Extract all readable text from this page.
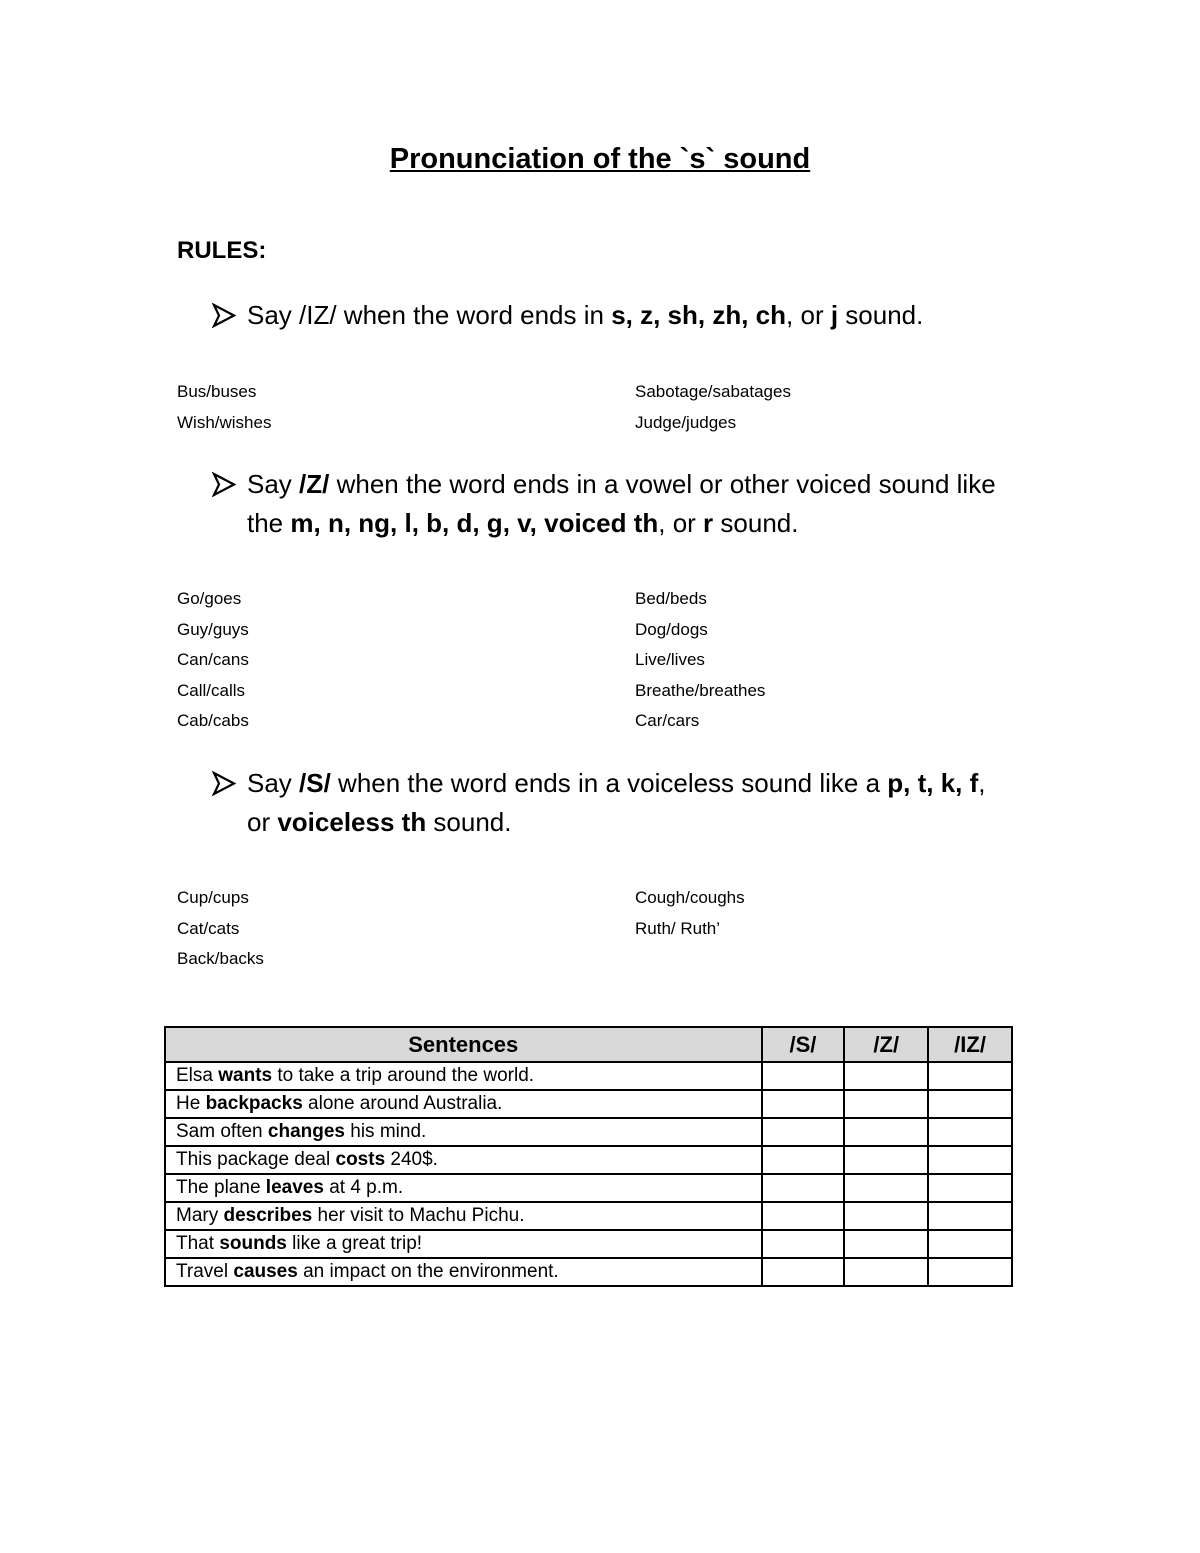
Pronunciation of the `s` sound
RULES:
Say /IZ/ when the word ends in s, z, sh, zh, ch, or j sound.
Bus/buses
Wish/wishes
Sabotage/sabatages
Judge/judges
Say /Z/ when the word ends in a vowel or other voiced sound like the m, n, ng, l, b, d, g, v, voiced th, or r sound.
Go/goes
Guy/guys
Can/cans
Call/calls
Cab/cabs
Bed/beds
Dog/dogs
Live/lives
Breathe/breathes
Car/cars
Say /S/ when the word ends in a voiceless sound like a p, t, k, f, or voiceless th sound.
Cup/cups
Cat/cats
Back/backs
Cough/coughs
Ruth/ Ruth’
Sentences	/S/	/Z/	/IZ/
Elsa wants to take a trip around the world.			
He backpacks alone around Australia.			
Sam often changes his mind.			
This package deal costs 240$.			
The plane leaves at 4 p.m.			
Mary describes her visit to Machu Pichu.			
That sounds like a great trip!			
Travel causes an impact on the environment.			
